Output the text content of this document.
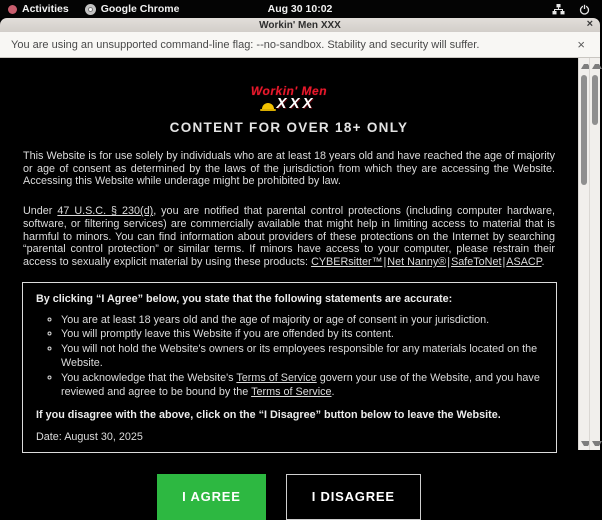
Activities	Google Chrome	Aug 30 10:02
Workin' Men XXX	×
You are using an unsupported command-line flag: --no-sandbox. Stability and security will suffer.	×
Workin' Men
XXX
CONTENT FOR OVER 18+ ONLY

This Website is for use solely by individuals who are at least 18 years old and have reached the age of majority or age of consent as determined by the laws of the jurisdiction from which they are accessing the Website. Accessing this Website while underage might be prohibited by law.

Under 47 U.S.C. § 230(d), you are notified that parental control protections (including computer hardware, software, or filtering services) are commercially available that might help in limiting access to material that is harmful to minors. You can find information about providers of these protections on the Internet by searching “parental control protection” or similar terms. If minors have access to your computer, please restrain their access to sexually explicit material by using these products: CYBERsitter™|Net Nanny®|SafeToNet|ASACP.

By clicking “I Agree” below, you state that the following statements are accurate:
◦ You are at least 18 years old and the age of majority or age of consent in your jurisdiction.
◦ You will promptly leave this Website if you are offended by its content.
◦ You will not hold the Website's owners or its employees responsible for any materials located on the Website.
◦ You acknowledge that the Website's Terms of Service govern your use of the Website, and you have reviewed and agree to be bound by the Terms of Service.
If you disagree with the above, click on the “I Disagree” button below to leave the Website.
Date: August 30, 2025
I AGREE	I DISAGREE
